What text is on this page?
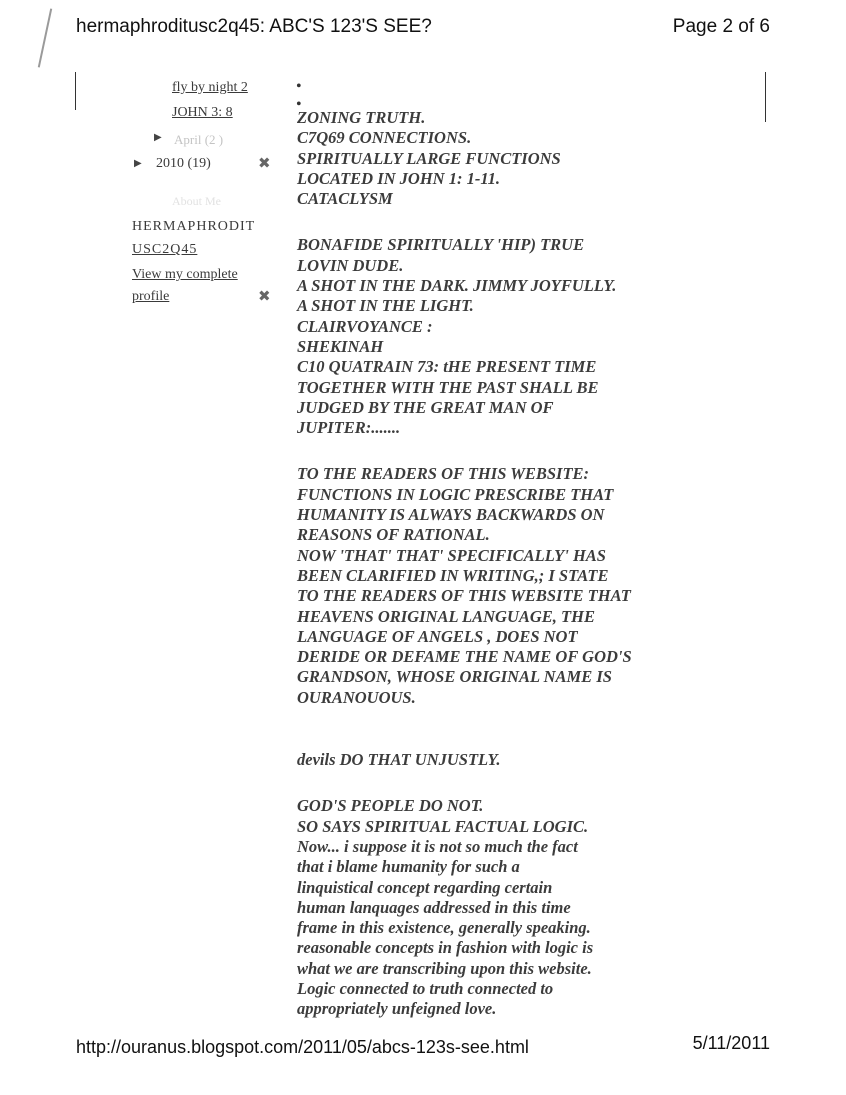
hermaphroditusc2q45: ABC'S 123'S SEE?	Page 2 of 6
fly by night 2
JOHN 3: 8
▶ April (2 )
▶ 2010 (19)	✖
About Me
HERMAPHRODIT
USC2Q45
View my complete
profile	✖
•
•

ZONING TRUTH.
C7Q69 CONNECTIONS.
SPIRITUALLY LARGE FUNCTIONS
LOCATED IN JOHN 1: 1-11.
CATACLYSM

BONAFIDE SPIRITUALLY 'HIP) TRUE
LOVIN DUDE.
A SHOT IN THE DARK. JIMMY JOYFULLY.
A SHOT IN THE LIGHT.
CLAIRVOYANCE :
SHEKINAH
C10 QUATRAIN 73: tHE PRESENT TIME
TOGETHER WITH THE PAST SHALL BE
JUDGED BY THE GREAT MAN OF
JUPITER:.......

TO THE READERS OF THIS WEBSITE:
FUNCTIONS IN LOGIC PRESCRIBE THAT
HUMANITY IS ALWAYS BACKWARDS ON
REASONS OF RATIONAL.
NOW 'THAT' THAT' SPECIFICALLY' HAS
BEEN CLARIFIED IN WRITING,; I STATE
TO THE READERS OF THIS WEBSITE THAT
HEAVENS ORIGINAL LANGUAGE, THE
LANGUAGE OF ANGELS , DOES NOT
DERIDE OR DEFAME THE NAME OF GOD'S
GRANDSON, WHOSE ORIGINAL NAME IS
OURANOUOUS.

devils DO THAT UNJUSTLY.

GOD'S PEOPLE DO NOT.
SO SAYS SPIRITUAL FACTUAL LOGIC.
Now... i suppose it is not so much the fact
that i blame humanity for such a
linquistical concept regarding certain
human lanquages addressed in this time
frame in this existence, generally speaking.
reasonable concepts in fashion with logic is
what we are transcribing upon this website.
Logic connected to truth connected to
appropriately unfeigned love.

http://ouranus.blogspot.com/2011/05/abcs-123s-see.html	5/11/2011
